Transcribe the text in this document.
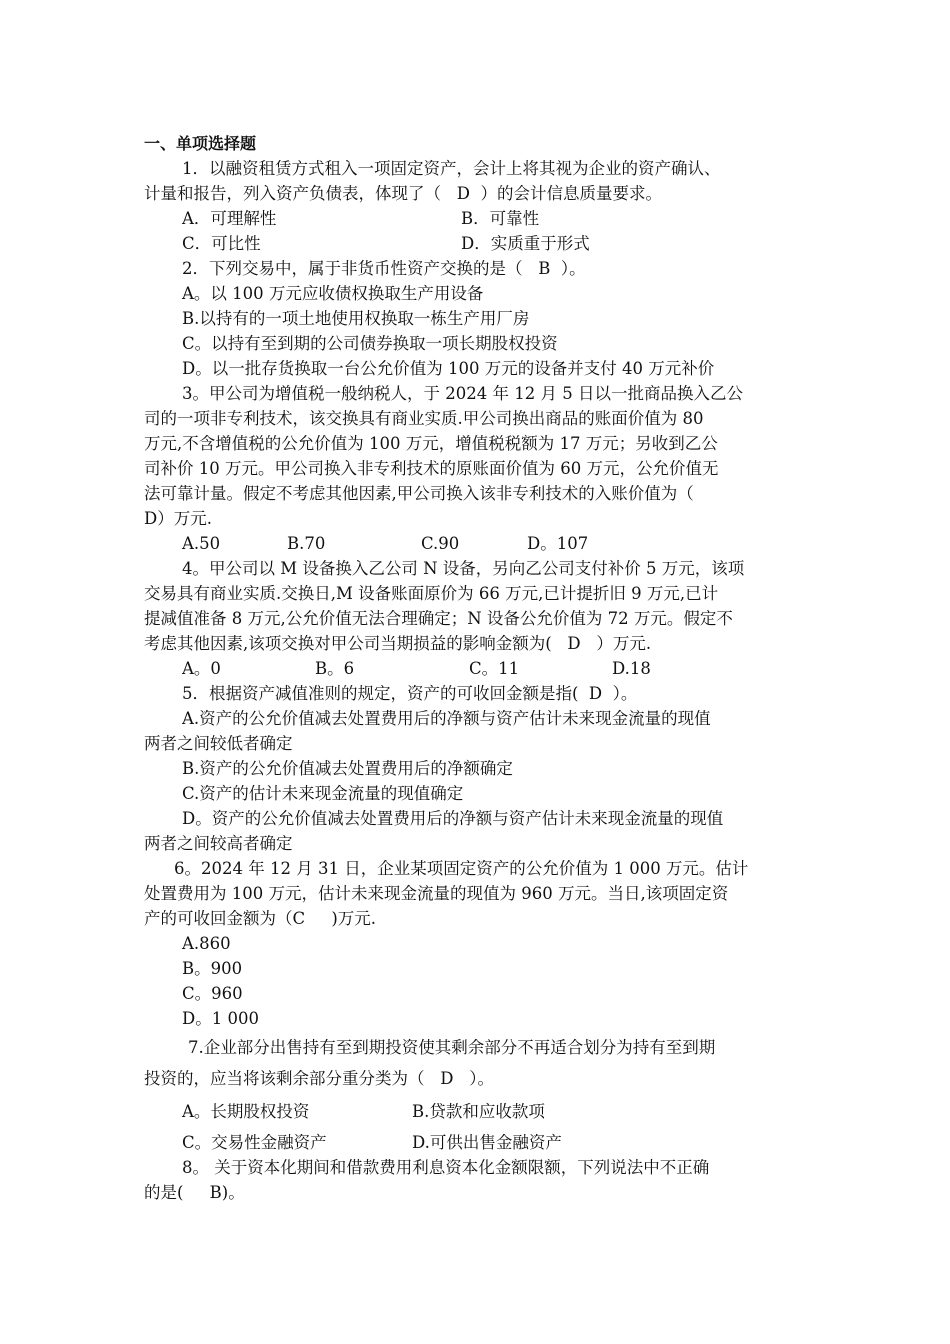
一、单项选择题
1．以融资租赁方式租入一项固定资产，会计上将其视为企业的资产确认、
计量和报告，列入资产负债表，体现了（   D  ）的会计信息质量要求。
A．可理解性	B．可靠性
C．可比性	D．实质重于形式
2．下列交易中，属于非货币性资产交换的是（   B  ）。
A。以 100 万元应收债权换取生产用设备
B.以持有的一项土地使用权换取一栋生产用厂房
C。以持有至到期的公司债券换取一项长期股权投资
D。以一批存货换取一台公允价值为 100 万元的设备并支付 40 万元补价
3。甲公司为增值税一般纳税人，于 2024 年 12 月 5 日以一批商品换入乙公
司的一项非专利技术，该交换具有商业实质.甲公司换出商品的账面价值为 80
万元,不含增值税的公允价值为 100 万元，增值税税额为 17 万元；另收到乙公
司补价 10 万元。甲公司换入非专利技术的原账面价值为 60 万元，公允价值无
法可靠计量。假定不考虑其他因素,甲公司换入该非专利技术的入账价值为（
D）万元.
A.50	B.70	C.90	D。107
4。甲公司以 M 设备换入乙公司 N 设备，另向乙公司支付补价 5 万元，该项
交易具有商业实质.交换日,M 设备账面原价为 66 万元,已计提折旧 9 万元,已计
提减值准备 8 万元,公允价值无法合理确定；N 设备公允价值为 72 万元。假定不
考虑其他因素,该项交换对甲公司当期损益的影响金额为(   D   ）万元.
A。0	B。6	C。11	D.18
5．根据资产减值准则的规定，资产的可收回金额是指(  D  ）。
A.资产的公允价值减去处置费用后的净额与资产估计未来现金流量的现值
两者之间较低者确定
B.资产的公允价值减去处置费用后的净额确定
C.资产的估计未来现金流量的现值确定
D。资产的公允价值减去处置费用后的净额与资产估计未来现金流量的现值
两者之间较高者确定
6。2024 年 12 月 31 日，企业某项固定资产的公允价值为 1 000 万元。估计
处置费用为 100 万元，估计未来现金流量的现值为 960 万元。当日,该项固定资
产的可收回金额为（C     )万元.
A.860
B。900
C。960
D。1 000
7.企业部分出售持有至到期投资使其剩余部分不再适合划分为持有至到期
投资的，应当将该剩余部分重分类为（   D   ）。
A。长期股权投资	B.贷款和应收款项
C。交易性金融资产	D.可供出售金融资产
8。 关于资本化期间和借款费用利息资本化金额限额，下列说法中不正确
的是(     B)。
